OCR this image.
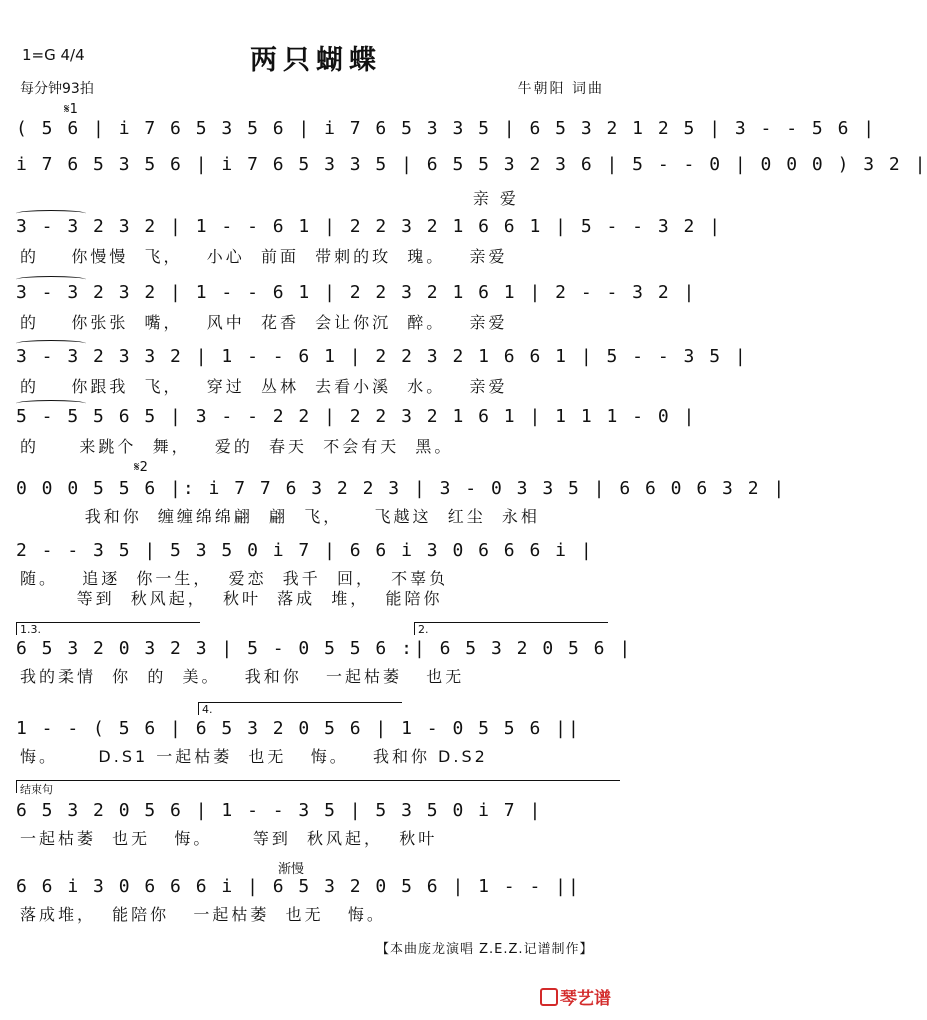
两只蝴蝶
1=G 4/4
每分钟93拍	牛朝阳 词曲
𝄋1
( 5 6 | i 7 6 5 3 5 6 | i 7 6 5 3 3 5 | 6 5 3 2 1 2 5 | 3 - - 5 6 |
i 7 6 5 3 5 6 | i 7 6 5 3 3 5 | 6 5 5 3 2 3 6 | 5 - - 0 | 0 0 0 ) 3 2 |
亲 爱
3 - 3 2 3 2 | 1 - - 6 1 | 2 2 3 2 1 6 6 1 | 5 - - 3 2 |
的    你慢慢  飞，   小心  前面  带刺的玫  瑰。   亲爱
3 - 3 2 3 2 | 1 - - 6 1 | 2 2 3 2 1 6 1 | 2 - - 3 2 |
的    你张张  嘴，   风中  花香  会让你沉  醉。   亲爱
3 - 3 2 3 3 2 | 1 - - 6 1 | 2 2 3 2 1 6 6 1 | 5 - - 3 5 |
的    你跟我  飞，   穿过  丛林  去看小溪  水。   亲爱
5 - 5 5 6 5 | 3 - - 2 2 | 2 2 3 2 1 6 1 | 1 1 1 - 0 |
的     来跳个  舞，   爱的  春天  不会有天  黑。
𝄋2
0 0 0 5 5 6 |: i 7 7 6 3 2 2 3 | 3 - 0 3 3 5 | 6 6 0 6 3 2 |
我和你  缠缠绵绵翩  翩  飞，    飞越这  红尘  永相
2 - - 3 5 | 5 3 5 0 i 7 | 6 6 i 3 0 6 6 6 i |
随。   追逐  你一生，  爱恋  我千  回，  不辜负
等到  秋风起，  秋叶  落成  堆，  能陪你
1.3.	2.
6 5 3 2 0 3 2 3 | 5 - 0 5 5 6 :| 6 5 3 2 0 5 6 |
我的柔情  你  的  美。   我和你   一起枯萎   也无
4.
1 - - ( 5 6 | 6 5 3 2 0 5 6 | 1 - 0 5 5 6 ||
悔。     D.S1 一起枯萎  也无   悔。   我和你 D.S2
结束句
6 5 3 2 0 5 6 | 1 - - 3 5 | 5 3 5 0 i 7 |
一起枯萎  也无   悔。     等到  秋风起，  秋叶
渐慢
6 6 i 3 0 6 6 6 i | 6 5 3 2 0 5 6 | 1 - - ||
落成堆，  能陪你   一起枯萎  也无   悔。
【本曲庞龙演唱 Z.E.Z.记谱制作】
琴艺谱
